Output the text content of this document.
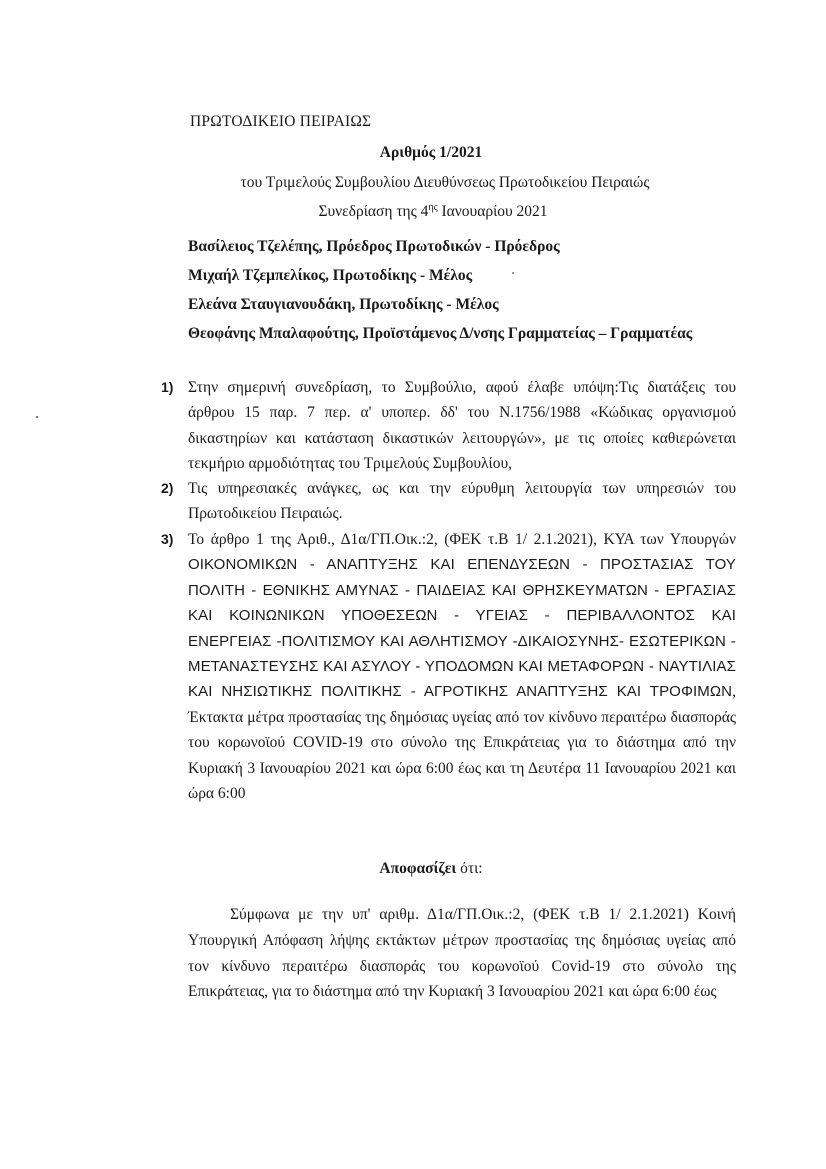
ΠΡΩΤΟΔΙΚΕΙΟ ΠΕΙΡΑΙΩΣ
Αριθμός 1/2021
του Τριμελούς Συμβουλίου Διευθύνσεως Πρωτοδικείου Πειραιώς
Συνεδρίαση της $4^{\eta\varsigma}$ Ιανουαρίου 2021
Βασίλειος Τζελέπης, Πρόεδρος Πρωτοδικών - Πρόεδρος
Μιχαήλ Τζεμπελίκος, Πρωτοδίκης - Μέλος
Ελεάνα Σταυγιανουδάκη, Πρωτοδίκης - Μέλος
Θεοφάνης Μπαλαφούτης, Προϊστάμενος Δ/νσης Γραμματείας – Γραμματέας
1) Στην σημερινή συνεδρίαση, το Συμβούλιο, αφού έλαβε υπόψη:Τις διατάξεις του άρθρου 15 παρ. 7 περ. α' υποπερ. δδ' του Ν.1756/1988 «Κώδικας οργανισμού δικαστηρίων και κατάσταση δικαστικών λειτουργών», με τις οποίες καθιερώνεται τεκμήριο αρμοδιότητας του Τριμελούς Συμβουλίου,
2) Τις υπηρεσιακές ανάγκες, ως και την εύρυθμη λειτουργία των υπηρεσιών του Πρωτοδικείου Πειραιώς.
3) Το άρθρο 1 της Αριθ., Δ1α/ΓΠ.Οικ.:2, (ΦΕΚ τ.Β 1/ 2.1.2021), ΚΥΑ των Υπουργών ΟΙΚΟΝΟΜΙΚΩΝ - ΑΝΑΠΤΥΞΗΣ ΚΑΙ ΕΠΕΝΔΥΣΕΩΝ - ΠΡΟΣΤΑΣΙΑΣ ΤΟΥ ΠΟΛΙΤΗ - ΕΘΝΙΚΗΣ ΑΜΥΝΑΣ - ΠΑΙΔΕΙΑΣ ΚΑΙ ΘΡΗΣΚΕΥΜΑΤΩΝ - ΕΡΓΑΣΙΑΣ ΚΑΙ ΚΟΙΝΩΝΙΚΩΝ ΥΠΟΘΕΣΕΩΝ - ΥΓΕΙΑΣ - ΠΕΡΙΒΑΛΛΟΝΤΟΣ ΚΑΙ ΕΝΕΡΓΕΙΑΣ -ΠΟΛΙΤΙΣΜΟΥ ΚΑΙ ΑΘΛΗΤΙΣΜΟΥ -ΔΙΚΑΙΟΣΥΝΗΣ- ΕΣΩΤΕΡΙΚΩΝ - ΜΕΤΑΝΑΣΤΕΥΣΗΣ ΚΑΙ ΑΣΥΛΟΥ - ΥΠΟΔΟΜΩΝ ΚΑΙ ΜΕΤΑΦΟΡΩΝ - ΝΑΥΤΙΛΙΑΣ ΚΑΙ ΝΗΣΙΩΤΙΚΗΣ ΠΟΛΙΤΙΚΗΣ - ΑΓΡΟΤΙΚΗΣ ΑΝΑΠΤΥΞΗΣ ΚΑΙ ΤΡΟΦΙΜΩΝ, Έκτακτα μέτρα προστασίας της δημόσιας υγείας από τον κίνδυνο περαιτέρω διασποράς του κορωνοϊού COVID-19 στο σύνολο της Επικράτειας για το διάστημα από την Κυριακή 3 Ιανουαρίου 2021 και ώρα 6:00 έως και τη Δευτέρα 11 Ιανουαρίου 2021 και ώρα 6:00
Αποφασίζει ότι:

Σύμφωνα με την υπ' αριθμ. Δ1α/ΓΠ.Οικ.:2, (ΦΕΚ τ.Β 1/ 2.1.2021) Κοινή Υπουργική Απόφαση λήψης εκτάκτων μέτρων προστασίας της δημόσιας υγείας από τον κίνδυνο περαιτέρω διασποράς του κορωνοϊού Covid-19 στο σύνολο της Επικράτειας, για το διάστημα από την Κυριακή 3 Ιανουαρίου 2021 και ώρα 6:00 έως
